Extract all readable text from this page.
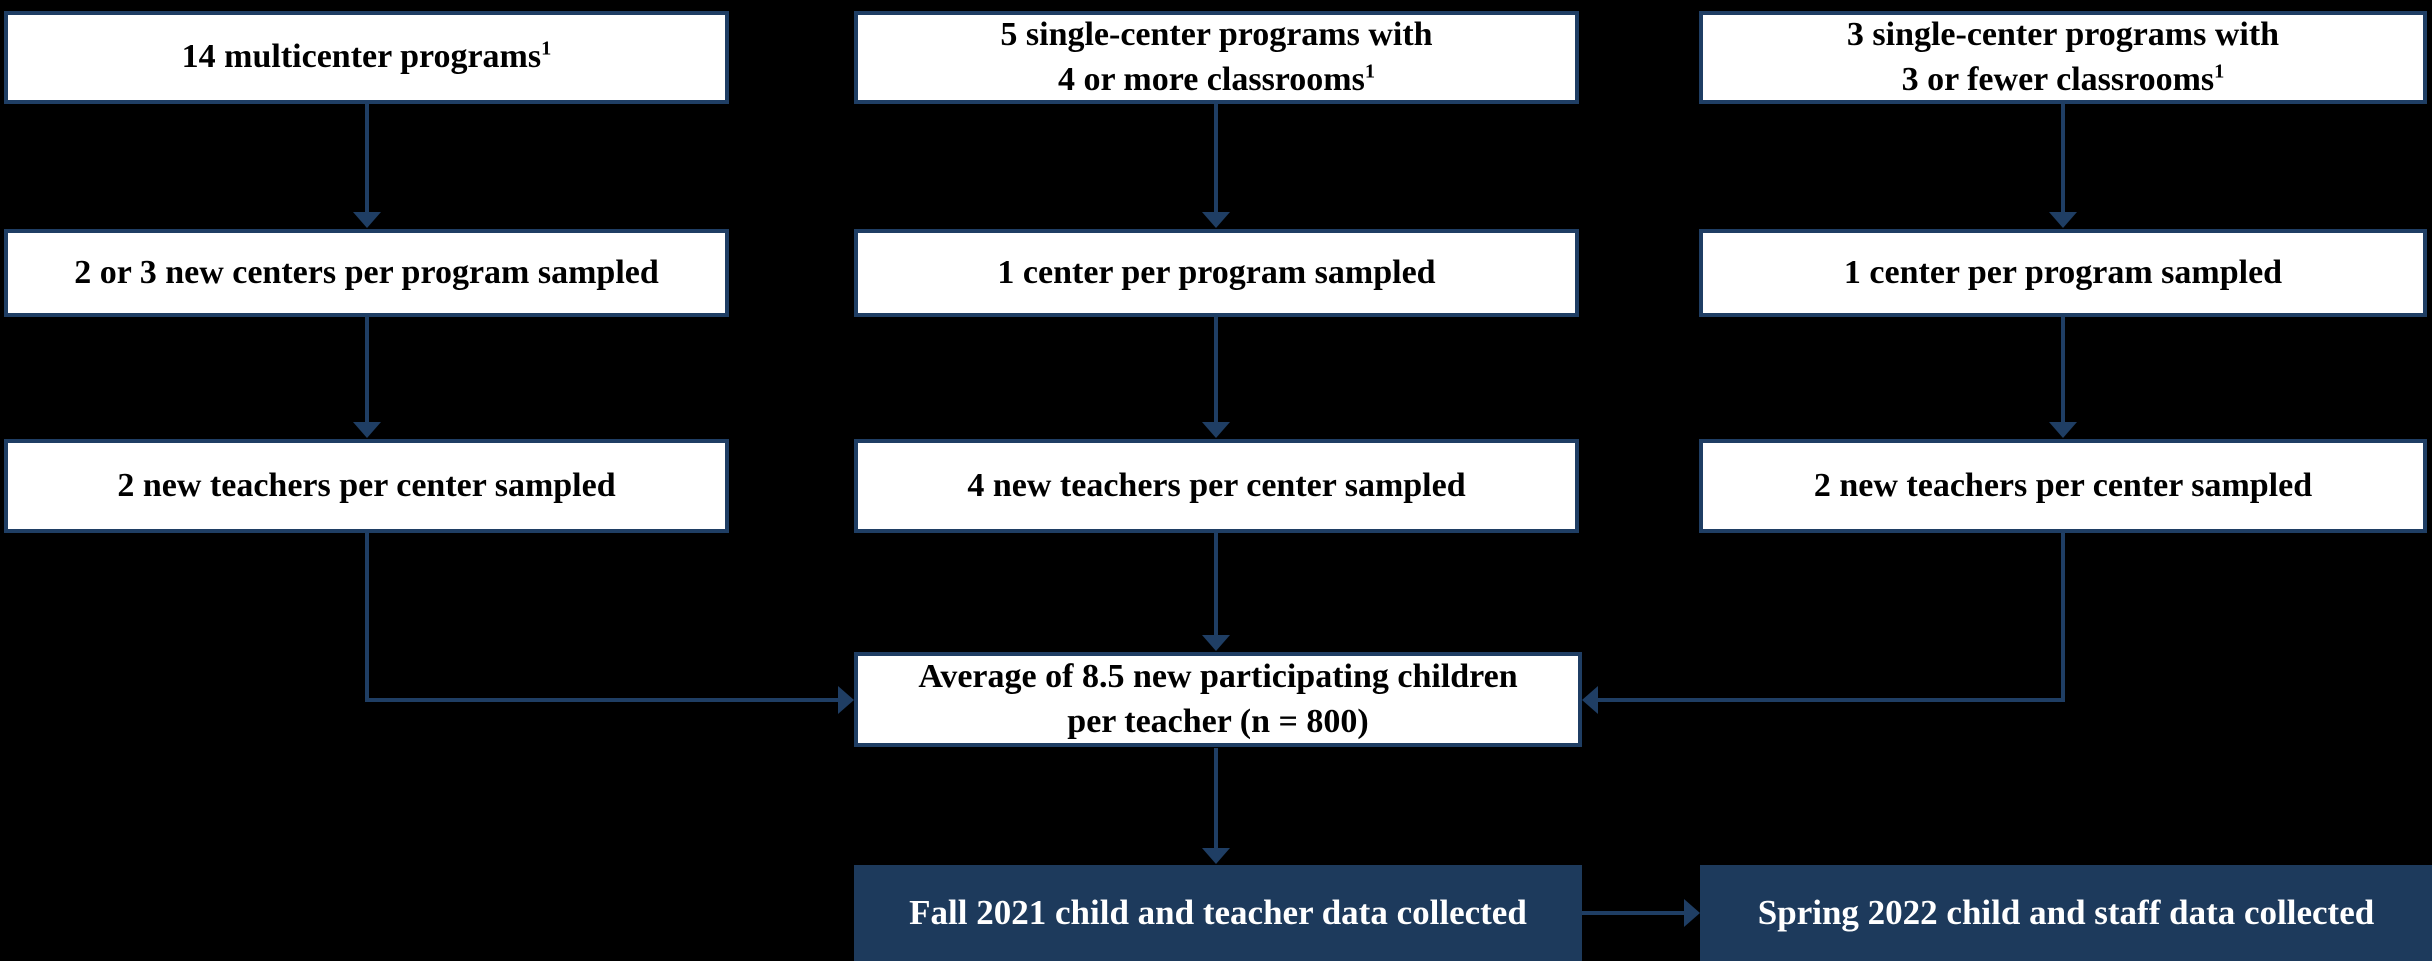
14 multicenter programs$^1$	5 single-center programs with
4 or more classrooms$^1$
3 single-center programs with
3 or fewer classrooms$^1$
2 or 3 new centers per program sampled	1 center per program sampled	1 center per program sampled
2 new teachers per center sampled	4 new teachers per center sampled	2 new teachers per center sampled
Average of 8.5 new participating children
per teacher (n = 800)
Fall 2021 child and teacher data collected	Spring 2022 child and staff data collected
